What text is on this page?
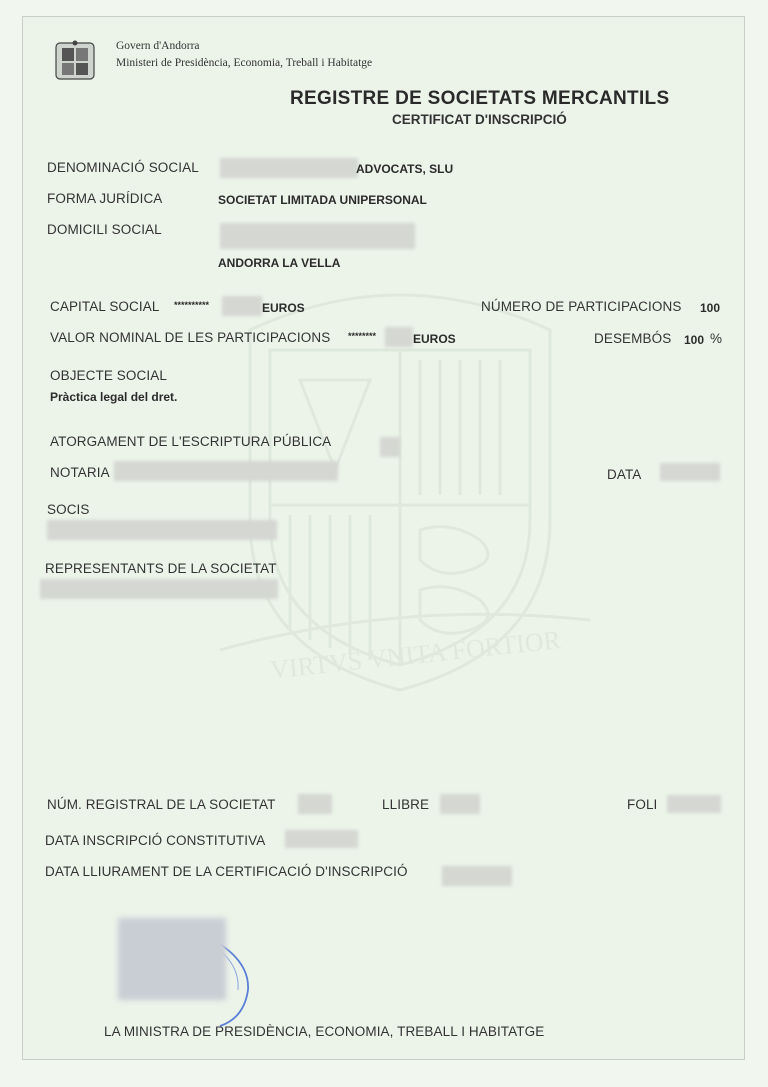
VIRTVS VNITA FORTIOR
Govern d'Andorra
Ministeri de Presidència, Economia, Treball i Habitatge
REGISTRE DE SOCIETATS MERCANTILS
CERTIFICAT D'INSCRIPCIÓ
DENOMINACIÓ SOCIAL	ADVOCATS, SLU
FORMA JURÍDICA	SOCIETAT LIMITADA UNIPERSONAL
DOMICILI SOCIAL
ANDORRA LA VELLA
CAPITAL SOCIAL **********	EUROS	NÚMERO DE PARTICIPACIONS 100
VALOR NOMINAL DE LES PARTICIPACIONS ********	EUROS	DESEMBÓS 100 %
OBJECTE SOCIAL
Pràctica legal del dret.
ATORGAMENT DE L'ESCRIPTURA PÚBLICA
NOTARIA	DATA
SOCIS
REPRESENTANTS DE LA SOCIETAT
NÚM. REGISTRAL DE LA SOCIETAT	LLIBRE	FOLI
DATA INSCRIPCIÓ CONSTITUTIVA
DATA LLIURAMENT DE LA CERTIFICACIÓ D'INSCRIPCIÓ
LA MINISTRA DE PRESIDÈNCIA, ECONOMIA, TREBALL I HABITATGE
